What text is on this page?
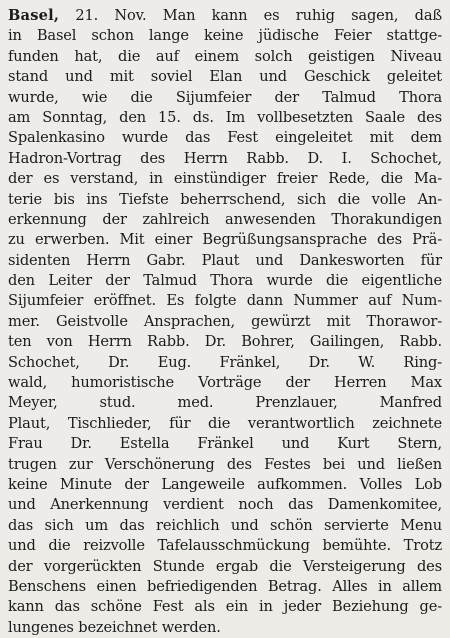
Basel, 21. Nov. Man kann es ruhig sagen, daß
in Basel schon lange keine jüdische Feier stattge-
funden hat, die auf einem solch geistigen Niveau
stand und mit soviel Elan und Geschick geleitet
wurde, wie die Sijumfeier der Talmud Thora
am Sonntag, den 15. ds. Im vollbesetzten Saale des
Spalenkasino wurde das Fest eingeleitet mit dem
Hadron-Vortrag des Herrn Rabb. D. I. Schochet,
der es verstand, in einstündiger freier Rede, die Ma-
terie bis ins Tiefste beherrschend, sich die volle An-
erkennung der zahlreich anwesenden Thorakundigen
zu erwerben. Mit einer Begrüßungsansprache des Prä-
sidenten Herrn Gabr. Plaut und Dankesworten für
den Leiter der Talmud Thora wurde die eigentliche
Sijumfeier eröffnet. Es folgte dann Nummer auf Num-
mer. Geistvolle Ansprachen, gewürzt mit Thorawor-
ten von Herrn Rabb. Dr. Bohrer, Gailingen, Rabb.
Schochet, Dr. Eug. Fränkel, Dr. W. Ring-
wald, humoristische Vorträge der Herren Max
Meyer, stud. med. Prenzlauer, Manfred
Plaut, Tischlieder, für die verantwortlich zeichnete
Frau Dr. Estella Fränkel und Kurt Stern,
trugen zur Verschönerung des Festes bei und ließen
keine Minute der Langeweile aufkommen. Volles Lob
und Anerkennung verdient noch das Damenkomitee,
das sich um das reichlich und schön servierte Menu
und die reizvolle Tafelausschmückung bemühte. Trotz
der vorgerückten Stunde ergab die Versteigerung des
Benschens einen befriedigenden Betrag. Alles in allem
kann das schöne Fest als ein in jeder Beziehung ge-
lungenes bezeichnet werden.
